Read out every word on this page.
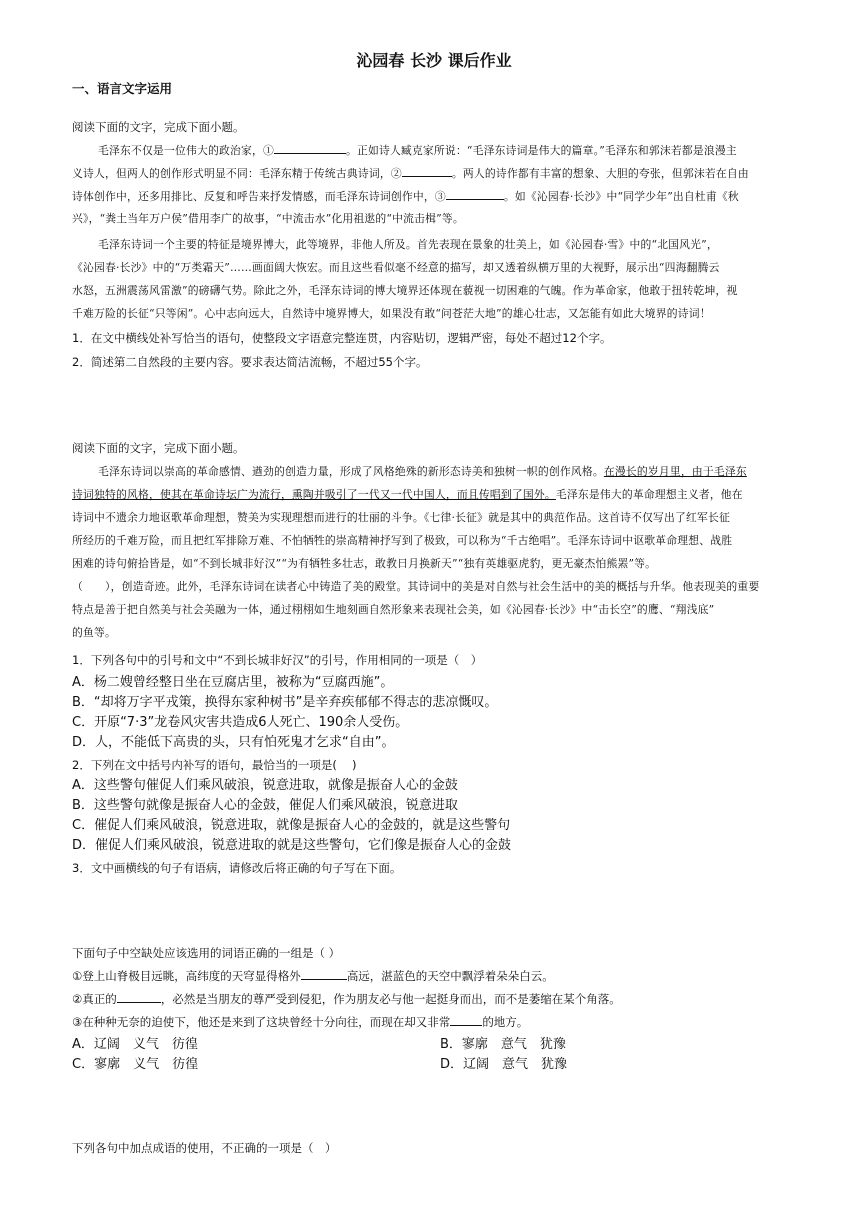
沁园春 长沙 课后作业
一、语言文字运用
阅读下面的文字，完成下面小题。
毛泽东不仅是一位伟大的政治家，①	。正如诗人臧克家所说：“毛泽东诗词是伟大的篇章。”毛泽东和郭沫若都是浪漫主
义诗人，但两人的创作形式明显不同：毛泽东精于传统古典诗词，②	。两人的诗作都有丰富的想象、大胆的夸张，但郭沫若在自由
诗体创作中，还多用排比、反复和呼告来抒发情感，而毛泽东诗词创作中，③	。如《沁园春·长沙》中“同学少年”出自杜甫《秋
兴》，“粪土当年万户侯”借用李广的故事，“中流击水”化用祖逖的“中流击楫”等。
毛泽东诗词一个主要的特征是境界博大，此等境界，非他人所及。首先表现在景象的壮美上，如《沁园春·雪》中的“北国风光”，
《沁园春·长沙》中的“万类霜天”……画面阔大恢宏。而且这些看似毫不经意的描写，却又透着纵横万里的大视野，展示出“四海翻腾云
水怒，五洲震荡风雷激”的磅礴气势。除此之外，毛泽东诗词的博大境界还体现在藐视一切困难的气魄。作为革命家，他敢于扭转乾坤，视
千难万险的长征“只等闲”。心中志向远大，自然诗中境界博大，如果没有敢“问苍茫大地”的雄心壮志，又怎能有如此大境界的诗词！
1．在文中横线处补写恰当的语句，使整段文字语意完整连贯，内容贴切，逻辑严密，每处不超过12个字。
2．简述第二自然段的主要内容。要求表达简洁流畅，不超过55个字。
阅读下面的文字，完成下面小题。
毛泽东诗词以崇高的革命感情、遒劲的创造力量，形成了风格绝殊的新形态诗美和独树一帜的创作风格。在漫长的岁月里，由于毛泽东
诗词独特的风格，使其在革命诗坛广为流行，熏陶并吸引了一代又一代中国人，而且传唱到了国外。毛泽东是伟大的革命理想主义者，他在
诗词中不遗余力地讴歌革命理想，赞美为实现理想而进行的壮丽的斗争。《七律·长征》就是其中的典范作品。这首诗不仅写出了红军长征
所经历的千难万险，而且把红军排除万难、不怕牺牲的崇高精神抒写到了极致，可以称为“千古绝唱”。毛泽东诗词中讴歌革命理想、战胜
困难的诗句俯拾皆是，如“不到长城非好汉”“为有牺牲多壮志，敢教日月换新天”“独有英雄驱虎豹，更无豪杰怕熊罴”等。
（　　），创造奇迹。此外，毛泽东诗词在读者心中铸造了美的殿堂。其诗词中的美是对自然与社会生活中的美的概括与升华。他表现美的重要
特点是善于把自然美与社会美融为一体，通过栩栩如生地刻画自然形象来表现社会美，如《沁园春·长沙》中“击长空”的鹰、“翔浅底”
的鱼等。
1．下列各句中的引号和文中“不到长城非好汉”的引号，作用相同的一项是（　）
A．杨二嫂曾经整日坐在豆腐店里，被称为“豆腐西施”。
B．“却将万字平戎策，换得东家种树书”是辛弃疾郁郁不得志的悲凉慨叹。
C．开原“7·3”龙卷风灾害共造成6人死亡、190余人受伤。
D．人，不能低下高贵的头，只有怕死鬼才乞求“自由”。
2．下列在文中括号内补写的语句，最恰当的一项是(　 )
A．这些警句催促人们乘风破浪，锐意进取，就像是振奋人心的金鼓
B．这些警句就像是振奋人心的金鼓，催促人们乘风破浪，锐意进取
C．催促人们乘风破浪，锐意进取，就像是振奋人心的金鼓的，就是这些警句
D．催促人们乘风破浪，锐意进取的就是这些警句，它们像是振奋人心的金鼓
3．文中画横线的句子有语病，请修改后将正确的句子写在下面。
下面句子中空缺处应该选用的词语正确的一组是（ ）
①登上山脊极目远眺，高纬度的天穹显得格外	高远，湛蓝色的天空中飘浮着朵朵白云。
②真正的	，必然是当朋友的尊严受到侵犯，作为朋友必与他一起挺身而出，而不是萎缩在某个角落。
③在种种无奈的迫使下，他还是来到了这块曾经十分向往，而现在却又非常	的地方。
A．辽阔　义气　彷徨	B．寥廓　意气　犹豫
C．寥廓　义气　彷徨	D．辽阔　意气　犹豫
下列各句中加点成语的使用，不正确的一项是（　）
